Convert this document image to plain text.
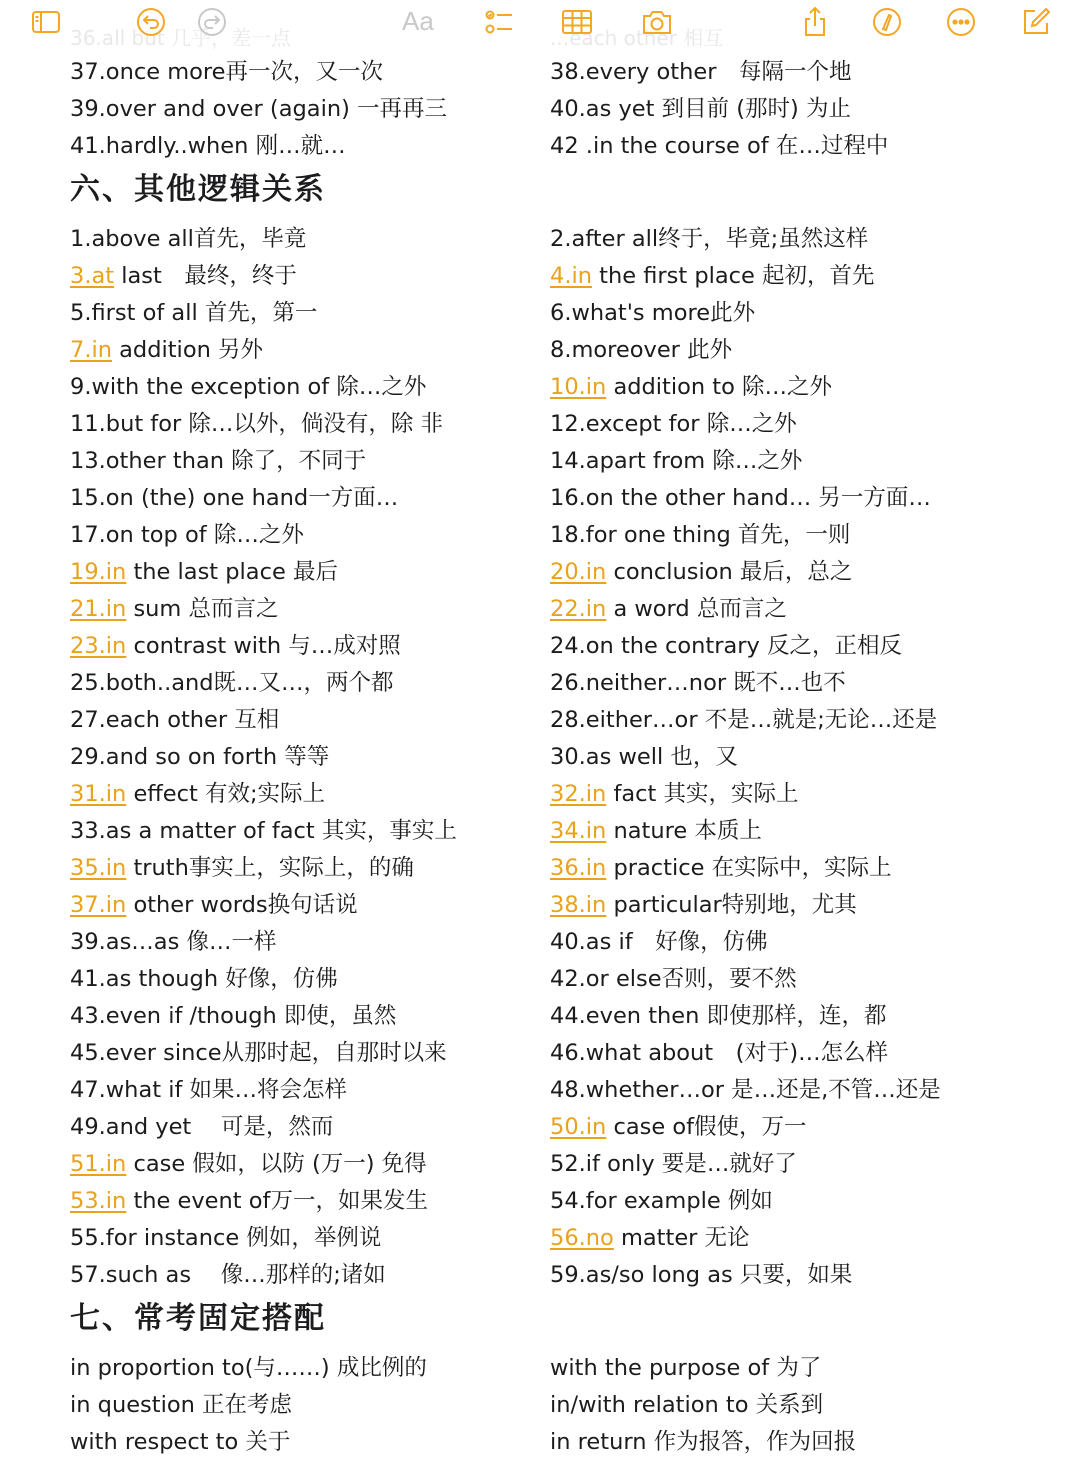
36.all but 几乎，差一点	...each other 相互
Aa
37.once more再一次，又一次	38.every other　每隔一个地
39.over and over (again) 一再再三	40.as yet 到目前 (那时) 为止
41.hardly..when 刚…就…	42 .in the course of 在…过程中
六、其他逻辑关系
1.above all首先，毕竟	2.after all终于，毕竟;虽然这样
3.at last　最终，终于	4.in the first place 起初，首先
5.first of all 首先，第一	6.what's more此外
7.in addition 另外	8.moreover 此外
9.with the exception of 除…之外	10.in addition to 除…之外
11.but for 除…以外，倘没有，除 非	12.except for 除…之外
13.other than 除了，不同于	14.apart from 除…之外
15.on (the) one hand一方面…	16.on the other hand… 另一方面…
17.on top of 除…之外	18.for one thing 首先，一则
19.in the last place 最后	20.in conclusion 最后，总之
21.in sum 总而言之	22.in a word 总而言之
23.in contrast with 与…成对照	24.on the contrary 反之，正相反
25.both..and既…又…，两个都	26.neither…nor 既不…也不
27.each other 互相	28.either…or 不是…就是;无论…还是
29.and so on forth 等等	30.as well 也，又
31.in effect 有效;实际上	32.in fact 其实，实际上
33.as a matter of fact 其实，事实上	34.in nature 本质上
35.in truth事实上，实际上，的确	36.in practice 在实际中，实际上
37.in other words换句话说	38.in particular特别地，尤其
39.as…as 像…一样	40.as if　好像，仿佛
41.as though 好像，仿佛	42.or else否则，要不然
43.even if /though 即使，虽然	44.even then 即使那样，连，都
45.ever since从那时起，自那时以来	46.what about　(对于)…怎么样
47.what if 如果…将会怎样	48.whether…or 是…还是,不管…还是
49.and yet　 可是，然而	50.in case of假使，万一
51.in case 假如，以防 (万一) 免得	52.if only 要是…就好了
53.in the event of万一，如果发生	54.for example 例如
55.for instance 例如，举例说	56.no matter 无论
57.such as　 像…那样的;诸如	59.as/so long as 只要，如果
七、常考固定搭配
in proportion to(与……) 成比例的	with the purpose of 为了
in question 正在考虑	in/with relation to 关系到
with respect to 关于	in return 作为报答，作为回报
